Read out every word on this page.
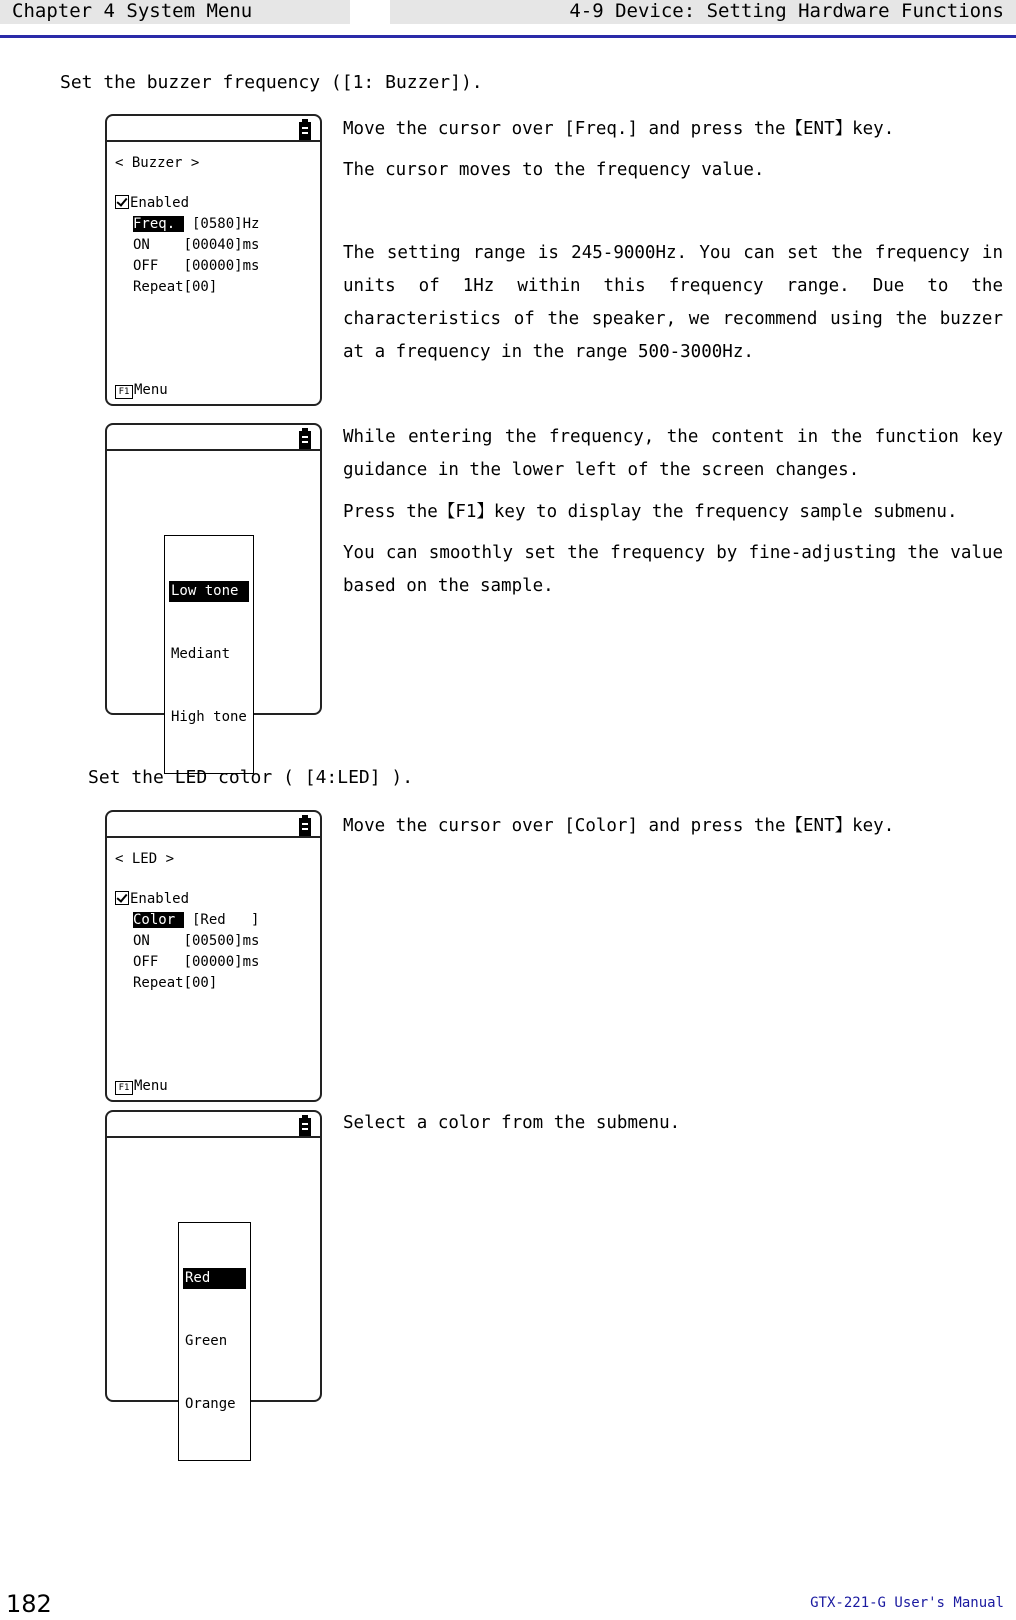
Chapter 4 System Menu	4-9 Device: Setting Hardware Functions
Set the buzzer frequency ([1: Buzzer]).
< Buzzer >
Enabled
Freq.  [0580]Hz
ON    [00040]ms
OFF   [00000]ms
Repeat[00]
F1 Menu

Low tone

Mediant

High tone

Move the cursor over [Freq.] and press the【ENT】key.
The cursor moves to the frequency value.
The setting range is 245-9000Hz. You can set the frequency in units of 1Hz within this frequency range. Due to the characteristics of the speaker, we recommend using the buzzer at a frequency in the range 500-3000Hz.
While entering the frequency, the content in the function key guidance in the lower left of the screen changes.
Press the【F1】key to display the frequency sample submenu.
You can smoothly set the frequency by fine-adjusting the value based on the sample.
Set the LED color ( [4:LED] ).
< LED >
Enabled
Color  [Red   ]
ON    [00500]ms
OFF   [00000]ms
Repeat[00]
F1 Menu

Red

Green

Orange

Move the cursor over [Color] and press the【ENT】key.
Select a color from the submenu.
182	GTX-221-G User's Manual
